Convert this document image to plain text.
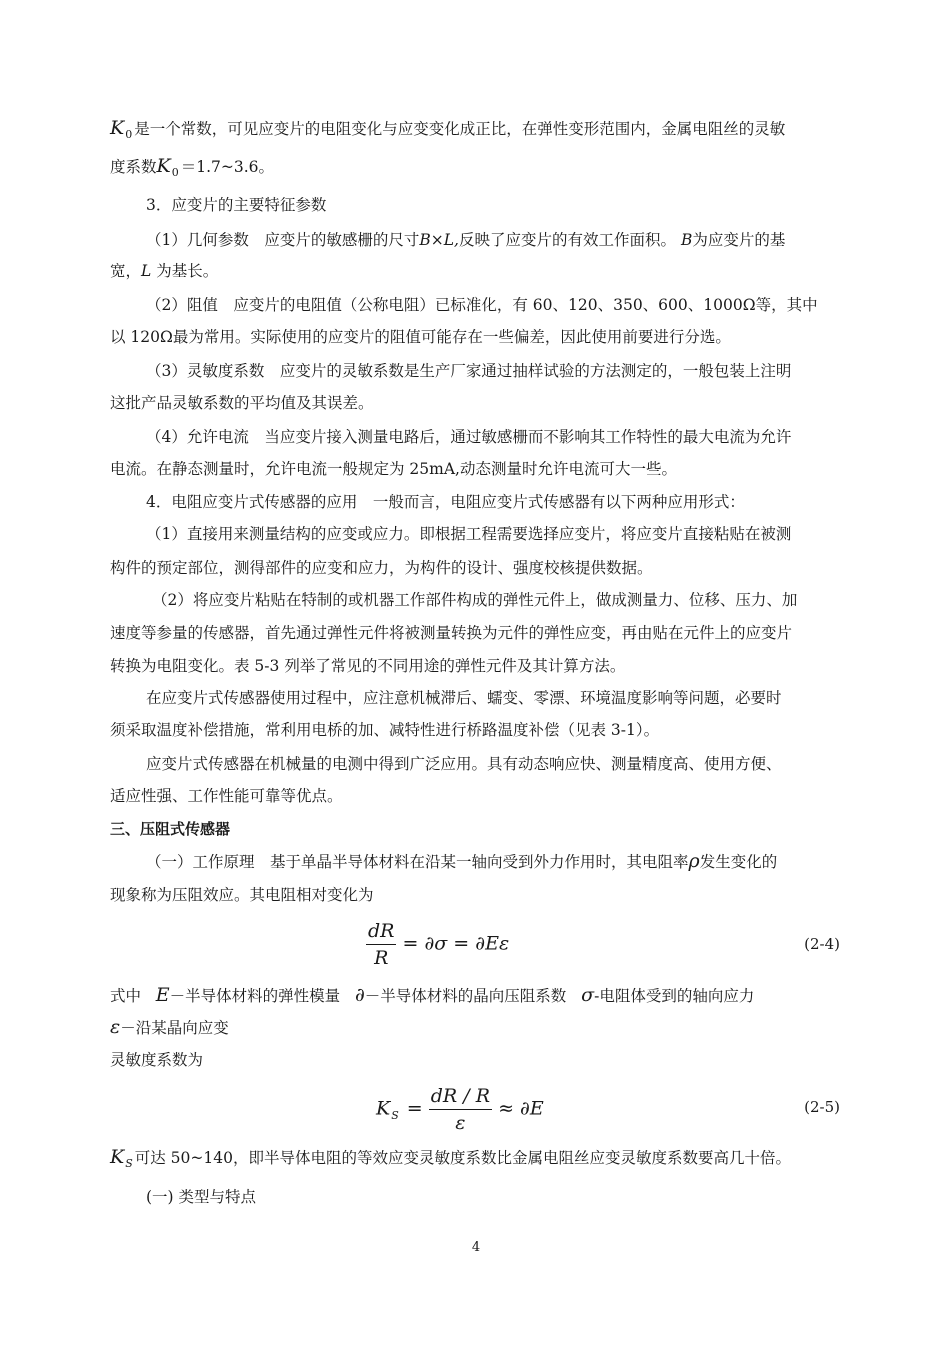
$K_0$ 是一个常数，可见应变片的电阻变化与应变变化成正比，在弹性变形范围内，金属电阻丝的灵敏
度系数$K_0$ ＝1.7~3.6。
3．应变片的主要特征参数
（1）几何参数　应变片的敏感栅的尺寸B×L,反映了应变片的有效工作面积。 B为应变片的基
宽，L 为基长。
（2）阻值　应变片的电阻值（公称电阻）已标准化，有 60、120、350、600、1000Ω等，其中
以 120Ω最为常用。实际使用的应变片的阻值可能存在一些偏差，因此使用前要进行分选。
（3）灵敏度系数　应变片的灵敏系数是生产厂家通过抽样试验的方法测定的，一般包装上注明
这批产品灵敏系数的平均值及其误差。
（4）允许电流　当应变片接入测量电路后，通过敏感栅而不影响其工作特性的最大电流为允许
电流。在静态测量时，允许电流一般规定为 25mA,动态测量时允许电流可大一些。
4．电阻应变片式传感器的应用　一般而言，电阻应变片式传感器有以下两种应用形式：
（1）直接用来测量结构的应变或应力。即根据工程需要选择应变片，将应变片直接粘贴在被测
构件的预定部位，测得部件的应变和应力，为构件的设计、强度校核提供数据。
（2）将应变片粘贴在特制的或机器工作部件构成的弹性元件上，做成测量力、位移、压力、加
速度等参量的传感器，首先通过弹性元件将被测量转换为元件的弹性应变，再由贴在元件上的应变片
转换为电阻变化。表 5-3 列举了常见的不同用途的弹性元件及其计算方法。
在应变片式传感器使用过程中，应注意机械滞后、蠕变、零漂、环境温度影响等问题，必要时
须采取温度补偿措施，常利用电桥的加、减特性进行桥路温度补偿（见表 3-1）。
应变片式传感器在机械量的电测中得到广泛应用。具有动态响应快、测量精度高、使用方便、
适应性强、工作性能可靠等优点。
三、压阻式传感器
（一）工作原理　基于单晶半导体材料在沿某一轴向受到外力作用时，其电阻率ρ发生变化的
现象称为压阻效应。其电阻相对变化为
$\frac{dR}{R} = \partial\sigma = \partial E\varepsilon$	(2-4)
式中 E－半导体材料的弹性模量 ∂－半导体材料的晶向压阻系数 σ-电阻体受到的轴向应力
ε－沿某晶向应变
灵敏度系数为
$K_S = \frac{dR / R}{\varepsilon} \approx \partial E$	(2-5)
$K_S$ 可达 50~140，即半导体电阻的等效应变灵敏度系数比金属电阻丝应变灵敏度系数要高几十倍。
(一) 类型与特点
4
